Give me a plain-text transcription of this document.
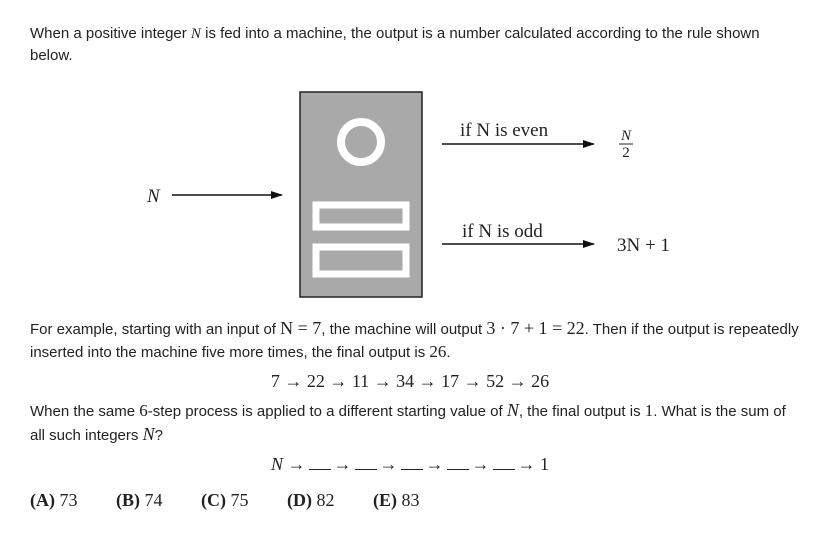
When a positive integer N is fed into a machine, the output is a number calculated according to the rule shown below.
N
if N is even	N
2
if N is odd
3N + 1
For example, starting with an input of N = 7, the machine will output 3 · 7 + 1 = 22. Then if the output is repeatedly inserted into the machine five more times, the final output is 26.
7 → 22 → 11 → 34 → 17 → 52 → 26
When the same 6-step process is applied to a different starting value of N, the final output is 1. What is the sum of all such integers N?
N → → → → → → 1
(A) 73 (B) 74 (C) 75 (D) 82 (E) 83
